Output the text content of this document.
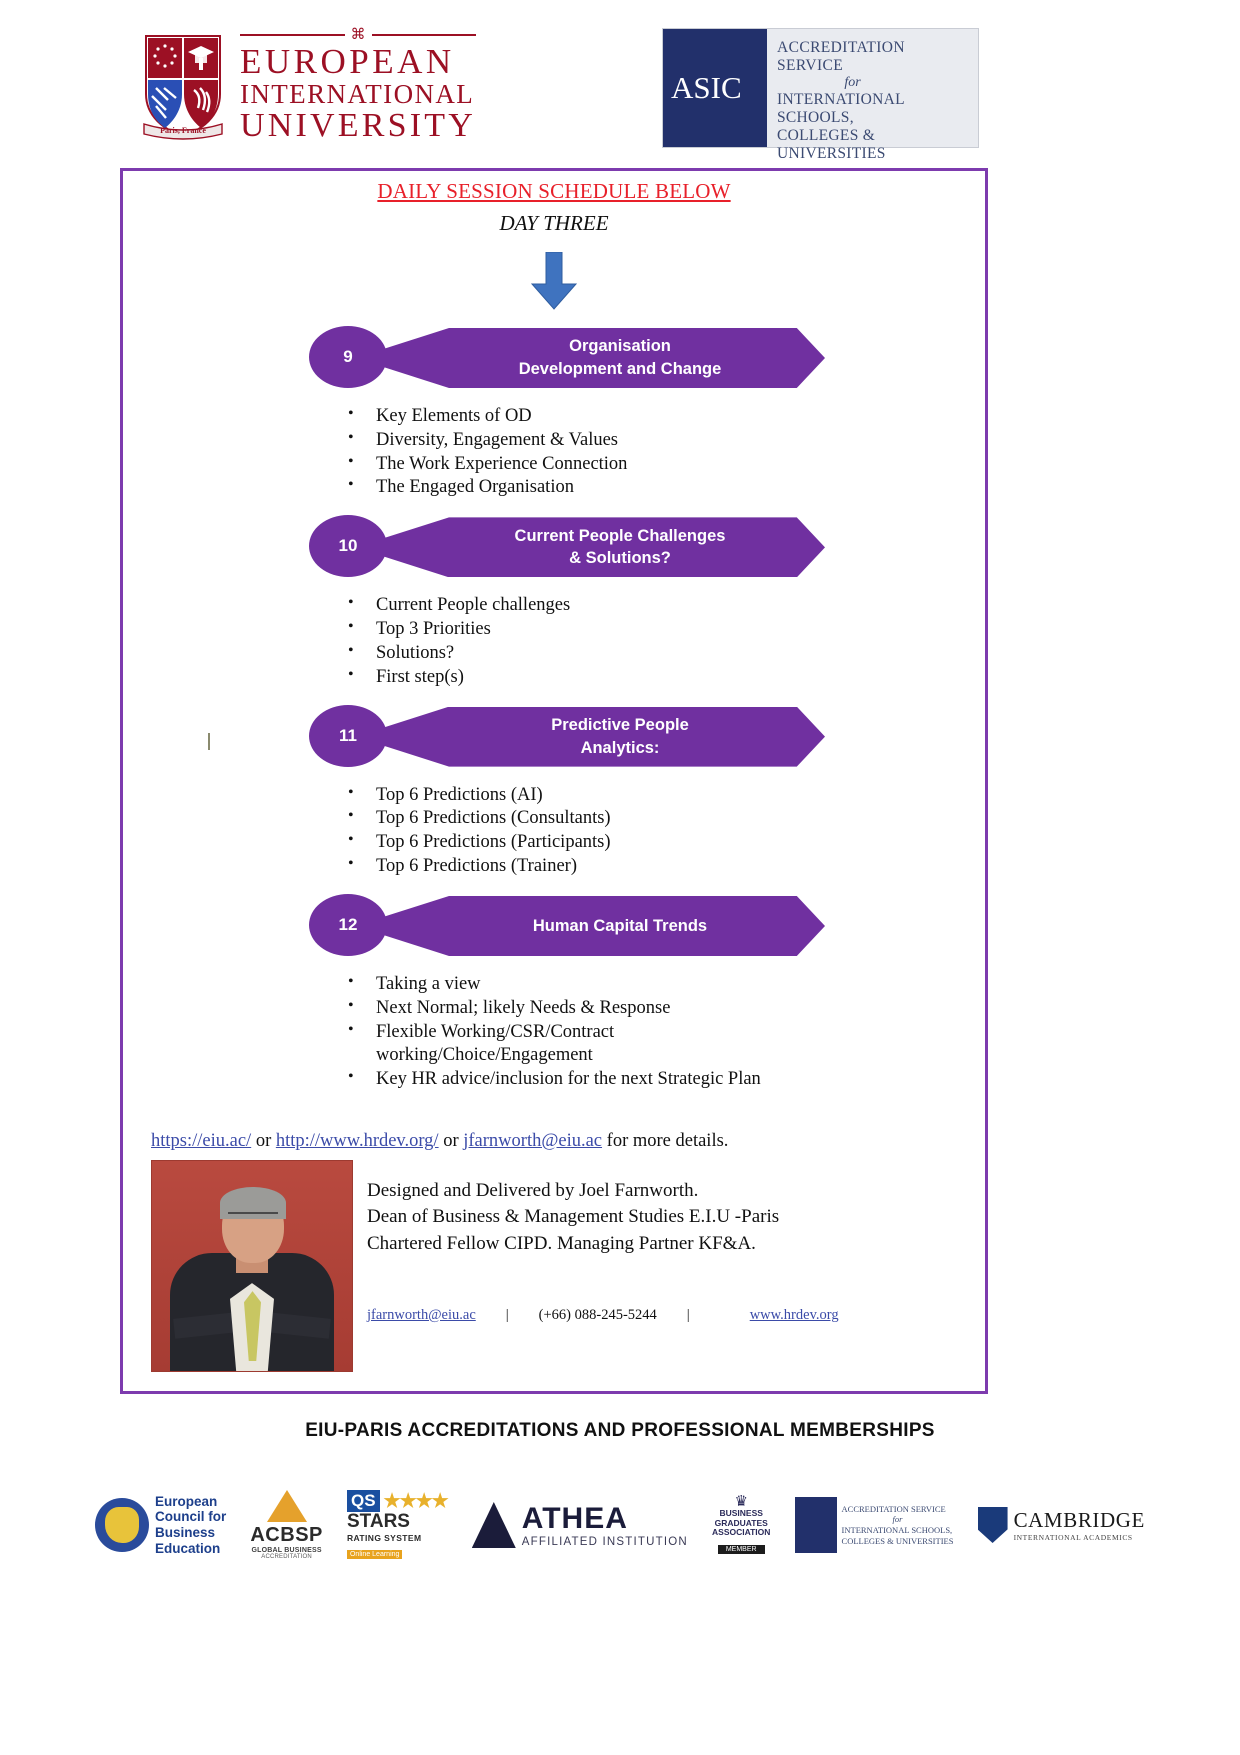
Paris, France
⌘
EUROPEAN
INTERNATIONAL
UNIVERSITY
ASIC
ACCREDITATION SERVICE
for
INTERNATIONAL SCHOOLS,
COLLEGES & UNIVERSITIES
DAILY SESSION SCHEDULE BELOW
DAY THREE
9
Organisation
Development and Change
• Key Elements of OD
• Diversity, Engagement & Values
• The Work Experience Connection
• The Engaged Organisation
10
Current People Challenges
& Solutions?
• Current People challenges
• Top 3 Priorities
• Solutions?
• First step(s)
11
Predictive People
Analytics:
• Top 6 Predictions (AI)
• Top 6 Predictions (Consultants)
• Top 6 Predictions (Participants)
• Top 6 Predictions (Trainer)
12	Human Capital Trends
• Taking a view
• Next Normal; likely Needs & Response
• Flexible Working/CSR/Contract
working/Choice/Engagement
• Key HR advice/inclusion for the next Strategic Plan
https://eiu.ac/ or http://www.hrdev.org/ or jfarnworth@eiu.ac for more details.
Designed and Delivered by Joel Farnworth.
Dean of Business & Management Studies E.I.U -Paris
Chartered Fellow CIPD. Managing Partner KF&A.
jfarnworth@eiu.ac	|	(+66) 088-245-5244	|	www.hrdev.org
EIU-PARIS ACCREDITATIONS AND PROFESSIONAL MEMBERSHIPS
European
Council for
Business
Education
ACBSP
GLOBAL BUSINESS
ACCREDITATION
QS ★★★★
STARS
RATING SYSTEM
Online Learning
ATHEA
AFFILIATED INSTITUTION
♛
BUSINESS
GRADUATES
ASSOCIATION
MEMBER
ACCREDITATION SERVICE
for
INTERNATIONAL SCHOOLS,
COLLEGES & UNIVERSITIES
CAMBRIDGE
INTERNATIONAL ACADEMICS
